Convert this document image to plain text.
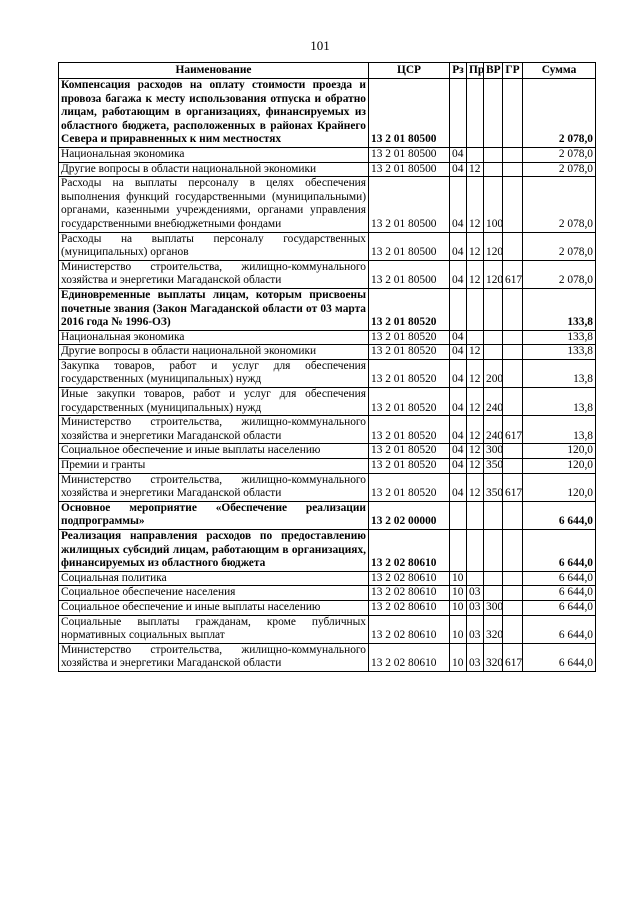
101
Наименование	ЦСР	Рз	Пр	ВР	ГР	Сумма
Компенсация расходов на оплату стоимости проезда и провоза багажа к месту использования отпуска и обратно лицам, работающим в организациях, финансируемых из областного бюджета, расположенных в районах Крайнего Севера и приравненных к ним местностях	13 2 01 80500					2 078,0
Национальная экономика	13 2 01 80500	04				2 078,0
Другие вопросы в области национальной экономики	13 2 01 80500	04	12			2 078,0
Расходы на выплаты персоналу в целях обеспечения выполнения функций государственными (муниципальными) органами, казенными учреждениями, органами управления государственными внебюджетными фондами	13 2 01 80500	04	12	100		2 078,0
Расходы на выплаты персоналу государственных (муниципальных) органов	13 2 01 80500	04	12	120		2 078,0
Министерство строительства, жилищно-коммунального хозяйства и энергетики Магаданской области	13 2 01 80500	04	12	120	617	2 078,0
Единовременные выплаты лицам, которым присвоены почетные звания (Закон Магаданской области от 03 марта 2016 года № 1996-ОЗ)	13 2 01 80520					133,8
Национальная экономика	13 2 01 80520	04				133,8
Другие вопросы в области национальной экономики	13 2 01 80520	04	12			133,8
Закупка товаров, работ и услуг для обеспечения государственных (муниципальных) нужд	13 2 01 80520	04	12	200		13,8
Иные закупки товаров, работ и услуг для обеспечения государственных (муниципальных) нужд	13 2 01 80520	04	12	240		13,8
Министерство строительства, жилищно-коммунального хозяйства и энергетики Магаданской области	13 2 01 80520	04	12	240	617	13,8
Социальное обеспечение и иные выплаты населению	13 2 01 80520	04	12	300		120,0
Премии и гранты	13 2 01 80520	04	12	350		120,0
Министерство строительства, жилищно-коммунального хозяйства и энергетики Магаданской области	13 2 01 80520	04	12	350	617	120,0
Основное мероприятие «Обеспечение реализации подпрограммы»	13 2 02 00000					6 644,0
Реализация направления расходов по предоставлению жилищных субсидий лицам, работающим в организациях, финансируемых из областного бюджета	13 2 02 80610					6 644,0
Социальная политика	13 2 02 80610	10				6 644,0
Социальное обеспечение населения	13 2 02 80610	10	03			6 644,0
Социальное обеспечение и иные выплаты населению	13 2 02 80610	10	03	300		6 644,0
Социальные выплаты гражданам, кроме публичных нормативных социальных выплат	13 2 02 80610	10	03	320		6 644,0
Министерство строительства, жилищно-коммунального хозяйства и энергетики Магаданской области	13 2 02 80610	10	03	320	617	6 644,0
